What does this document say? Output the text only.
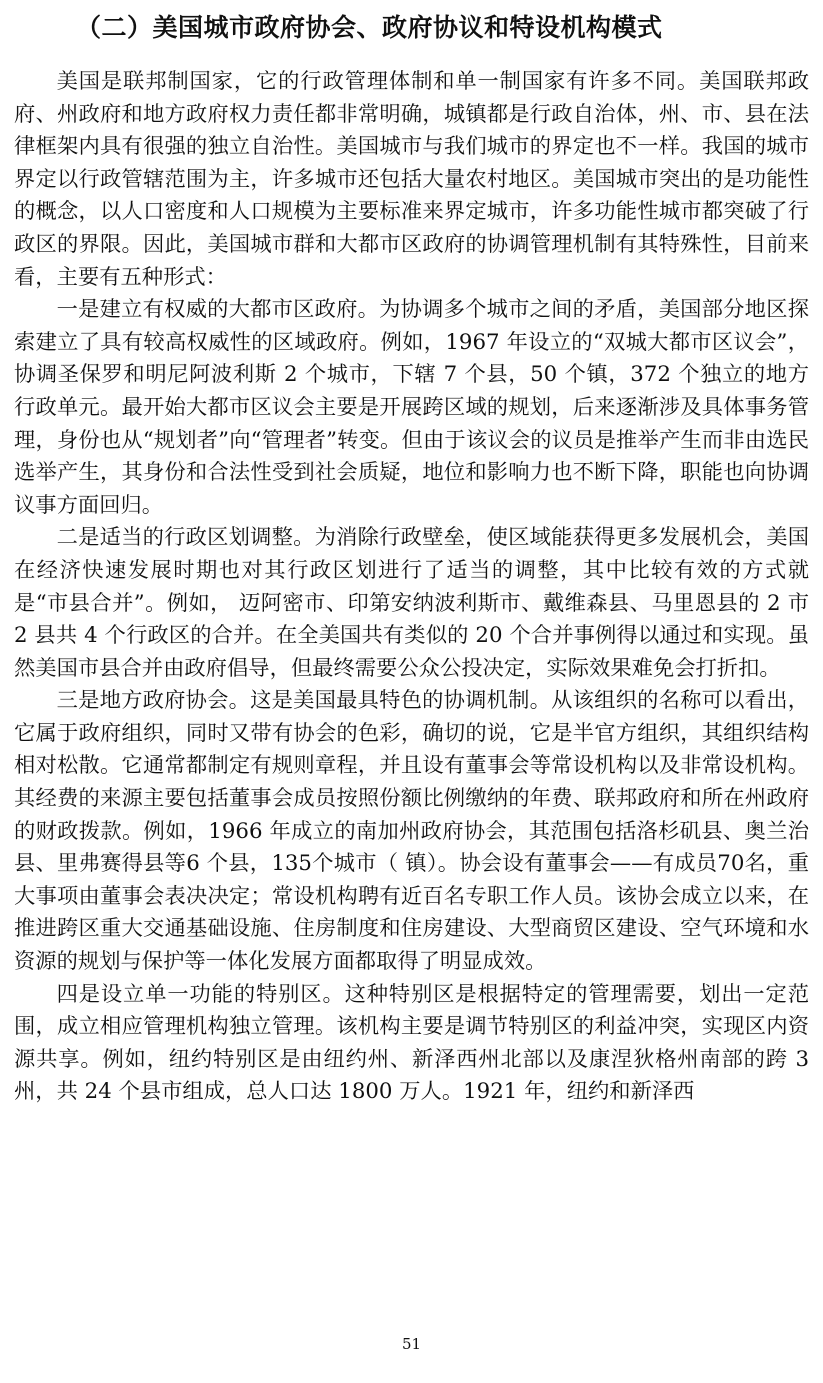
（二）美国城市政府协会、政府协议和特设机构模式

美国是联邦制国家，它的行政管理体制和单一制国家有许多不同。美国联邦政府、州政府和地方政府权力责任都非常明确，城镇都是行政自治体，州、市、县在法律框架内具有很强的独立自治性。美国城市与我们城市的界定也不一样。我国的城市界定以行政管辖范围为主，许多城市还包括大量农村地区。美国城市突出的是功能性的概念，以人口密度和人口规模为主要标准来界定城市，许多功能性城市都突破了行政区的界限。因此，美国城市群和大都市区政府的协调管理机制有其特殊性，目前来看，主要有五种形式：

一是建立有权威的大都市区政府。为协调多个城市之间的矛盾，美国部分地区探索建立了具有较高权威性的区域政府。例如，1967 年设立的“双城大都市区议会”， 协调圣保罗和明尼阿波利斯 2 个城市，下辖 7 个县，50 个镇，372 个独立的地方行政单元。最开始大都市区议会主要是开展跨区域的规划，后来逐渐涉及具体事务管理，身份也从“规划者”向“管理者”转变。但由于该议会的议员是推举产生而非由选民选举产生，其身份和合法性受到社会质疑，地位和影响力也不断下降，职能也向协调议事方面回归。

二是适当的行政区划调整。为消除行政壁垒，使区域能获得更多发展机会，美国在经济快速发展时期也对其行政区划进行了适当的调整，其中比较有效的方式就是“市县合并”。例如， 迈阿密市、印第安纳波利斯市、戴维森县、马里恩县的 2 市 2 县共 4 个行政区的合并。在全美国共有类似的 20 个合并事例得以通过和实现。虽然美国市县合并由政府倡导，但最终需要公众公投决定，实际效果难免会打折扣。

三是地方政府协会。这是美国最具特色的协调机制。从该组织的名称可以看出，它属于政府组织，同时又带有协会的色彩，确切的说，它是半官方组织，其组织结构相对松散。它通常都制定有规则章程，并且设有董事会等常设机构以及非常设机构。其经费的来源主要包括董事会成员按照份额比例缴纳的年费、联邦政府和所在州政府的财政拨款。例如，1966 年成立的南加州政府协会，其范围包括洛杉矶县、奥兰治县、里弗赛得县等6 个县，135个城市（ 镇）。协会设有董事会——有成员70名，重大事项由董事会表决决定；常设机构聘有近百名专职工作人员。该协会成立以来，在推进跨区重大交通基础设施、住房制度和住房建设、大型商贸区建设、空气环境和水资源的规划与保护等一体化发展方面都取得了明显成效。

四是设立单一功能的特别区。这种特别区是根据特定的管理需要，划出一定范围，成立相应管理机构独立管理。该机构主要是调节特别区的利益冲突，实现区内资源共享。例如，纽约特别区是由纽约州、新泽西州北部以及康涅狄格州南部的跨 3 州，共 24 个县市组成，总人口达 1800 万人。1921 年，纽约和新泽西

51
